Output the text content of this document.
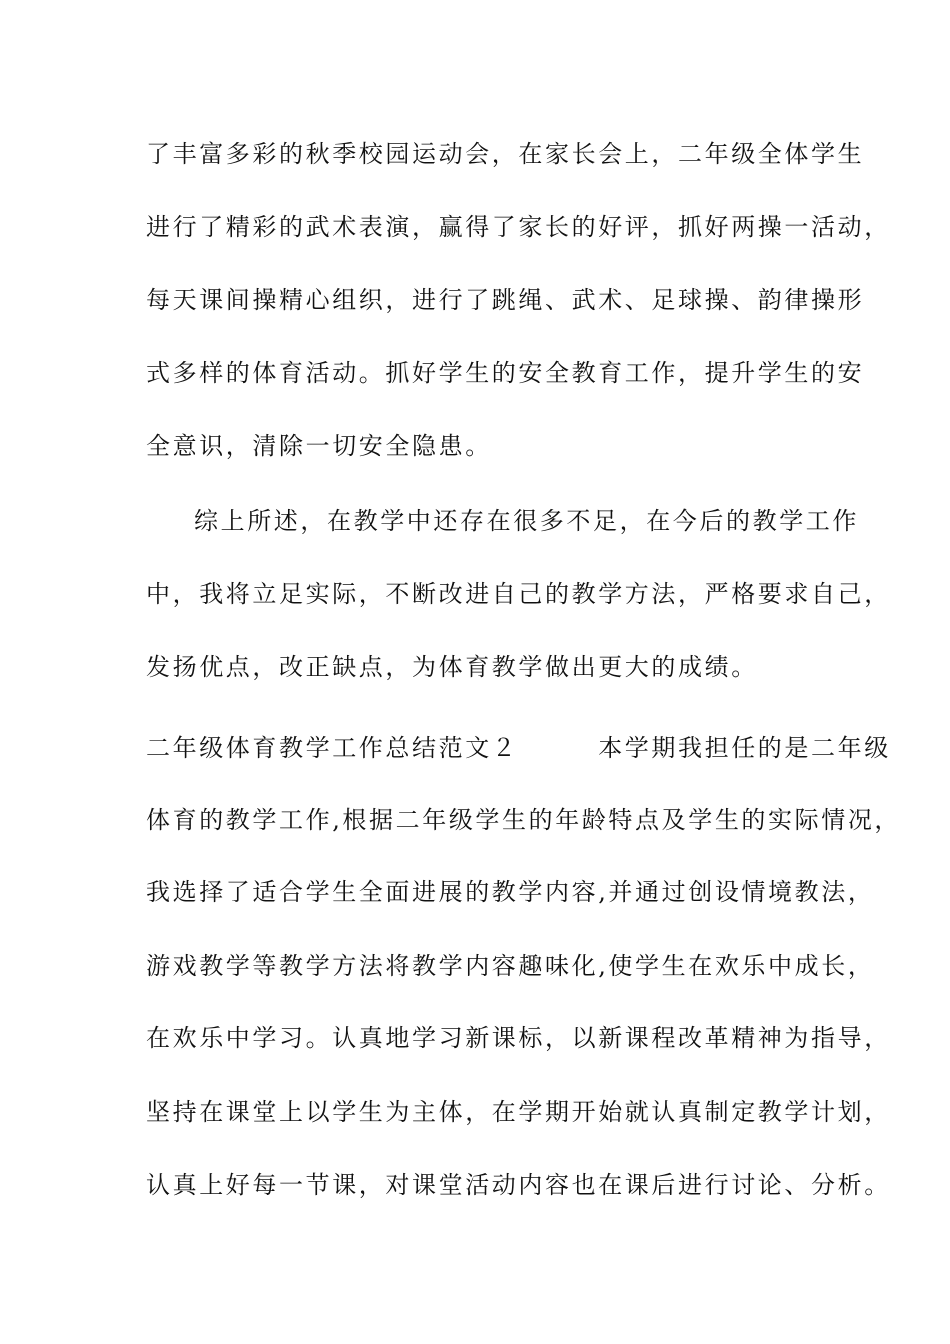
了丰富多彩的秋季校园运动会，在家长会上，二年级全体学生
进行了精彩的武术表演，赢得了家长的好评，抓好两操一活动，
每天课间操精心组织，进行了跳绳、武术、足球操、韵律操形
式多样的体育活动。抓好学生的安全教育工作，提升学生的安
全意识，清除一切安全隐患。
综上所述，在教学中还存在很多不足，在今后的教学工作
中，我将立足实际，不断改进自己的教学方法，严格要求自己，
发扬优点，改正缺点，为体育教学做出更大的成绩。
二年级体育教学工作总结范文２　　　本学期我担任的是二年级
体育的教学工作,根据二年级学生的年龄特点及学生的实际情况，
我选择了适合学生全面进展的教学内容,并通过创设情境教法，
游戏教学等教学方法将教学内容趣味化,使学生在欢乐中成长，
在欢乐中学习。认真地学习新课标，以新课程改革精神为指导，
坚持在课堂上以学生为主体，在学期开始就认真制定教学计划，
认真上好每一节课，对课堂活动内容也在课后进行讨论、分析。
